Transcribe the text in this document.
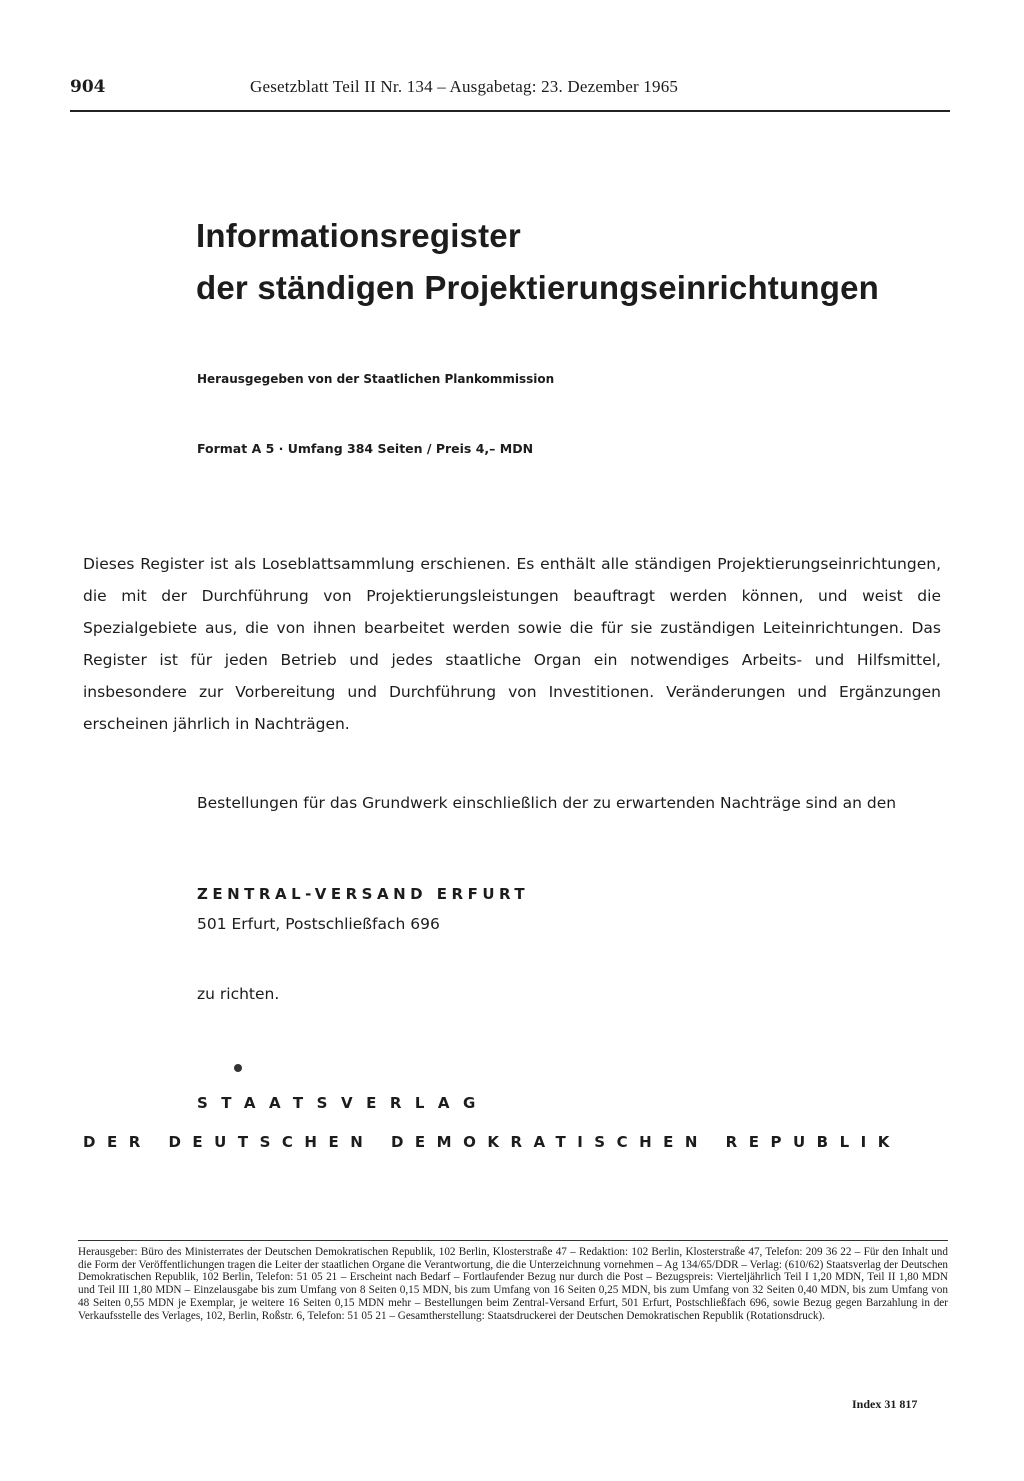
904	Gesetzblatt Teil II Nr. 134 – Ausgabetag: 23. Dezember 1965
Informationsregister
der ständigen Projektierungseinrichtungen
Herausgegeben von der Staatlichen Plankommission
Format A 5 · Umfang 384 Seiten / Preis 4,– MDN
Dieses Register ist als Loseblattsammlung erschienen. Es enthält alle ständigen Projektierungseinrichtungen, die mit der Durchführung von Projektierungsleistungen beauftragt werden können, und weist die Spezialgebiete aus, die von ihnen bearbeitet werden sowie die für sie zuständigen Leiteinrichtungen. Das Register ist für jeden Betrieb und jedes staatliche Organ ein notwendiges Arbeits- und Hilfsmittel, insbesondere zur Vorbereitung und Durchführung von Investitionen. Veränderungen und Ergänzungen erscheinen jährlich in Nachträgen.
Bestellungen für das Grundwerk einschließlich der zu erwartenden Nachträge sind an den
ZENTRAL-VERSAND ERFURT
501 Erfurt, Postschließfach 696
zu richten.
STAATSVERLAG
DER DEUTSCHEN DEMOKRATISCHEN REPUBLIK
Herausgeber: Büro des Ministerrates der Deutschen Demokratischen Republik, 102 Berlin, Klosterstraße 47 – Redaktion: 102 Berlin, Klosterstraße 47, Telefon: 209 36 22 – Für den Inhalt und die Form der Veröffentlichungen tragen die Leiter der staatlichen Organe die Verantwortung, die die Unterzeichnung vornehmen – Ag 134/65/DDR – Verlag: (610/62) Staatsverlag der Deutschen Demokratischen Republik, 102 Berlin, Telefon: 51 05 21 – Erscheint nach Bedarf – Fortlaufender Bezug nur durch die Post – Bezugspreis: Vierteljährlich Teil I 1,20 MDN, Teil II 1,80 MDN und Teil III 1,80 MDN – Einzelausgabe bis zum Umfang von 8 Seiten 0,15 MDN, bis zum Umfang von 16 Seiten 0,25 MDN, bis zum Umfang von 32 Seiten 0,40 MDN, bis zum Umfang von 48 Seiten 0,55 MDN je Exemplar, je weitere 16 Seiten 0,15 MDN mehr – Bestellungen beim Zentral-Versand Erfurt, 501 Erfurt, Postschließfach 696, sowie Bezug gegen Barzahlung in der Verkaufsstelle des Verlages, 102, Berlin, Roßstr. 6, Telefon: 51 05 21 – Gesamtherstellung: Staatsdruckerei der Deutschen Demokratischen Republik (Rotationsdruck).
Index 31 817
